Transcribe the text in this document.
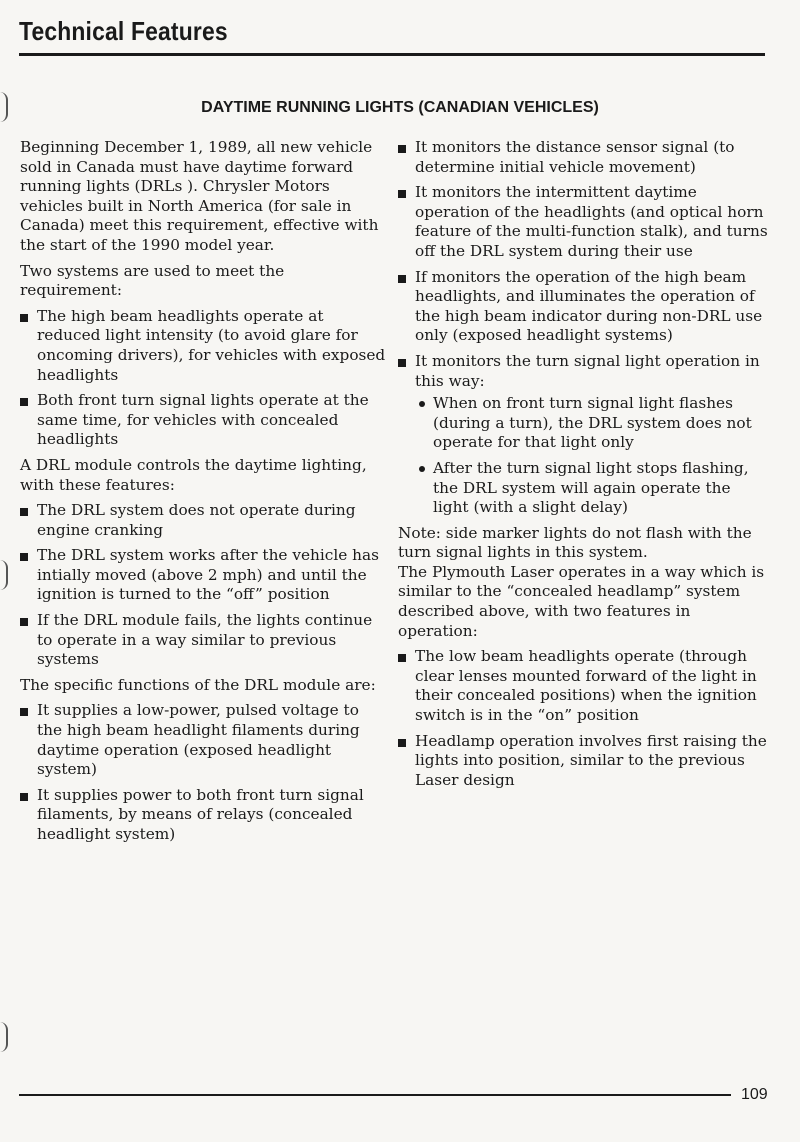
Technical Features
DAYTIME RUNNING LIGHTS (CANADIAN VEHICLES)

Beginning December 1, 1989, all new vehicle sold in Canada must have daytime forward running lights (DRLs ). Chrysler Motors vehicles built in North America (for sale in Canada) meet this requirement, effective with the start of the 1990 model year.

Two systems are used to meet the requirement:

The high beam headlights operate at reduced light intensity (to avoid glare for oncoming drivers), for vehicles with exposed headlights
Both front turn signal lights operate at the same time, for vehicles with concealed headlights

A DRL module controls the daytime lighting, with these features:

The DRL system does not operate during engine cranking
The DRL system works after the vehicle has intially moved (above 2 mph) and until the ignition is turned to the “off” position
If the DRL module fails, the lights continue to operate in a way similar to previous systems

The specific functions of the DRL module are:

It supplies a low-power, pulsed voltage to the high beam headlight filaments during daytime operation (exposed headlight system)
It supplies power to both front turn signal filaments, by means of relays (concealed headlight system)
It monitors the distance sensor signal (to determine initial vehicle movement)
It monitors the intermittent daytime operation of the headlights (and optical horn feature of the multi-function stalk), and turns off the DRL system during their use
If monitors the operation of the high beam headlights, and illuminates the operation of the high beam indicator during non-DRL use only (exposed headlight systems)
It monitors the turn signal light operation in this way:
When on front turn signal light flashes (during a turn), the DRL system does not operate for that light only
After the turn signal light stops flashing, the DRL system will again operate the light (with a slight delay)

Note: side marker lights do not flash with the turn signal lights in this system.

The Plymouth Laser operates in a way which is similar to the “concealed headlamp” system described above, with two features in operation:

The low beam headlights operate (through clear lenses mounted forward of the light in their concealed positions) when the ignition switch is in the “on” position
Headlamp operation involves first raising the lights into position, similar to the previous Laser design
109
